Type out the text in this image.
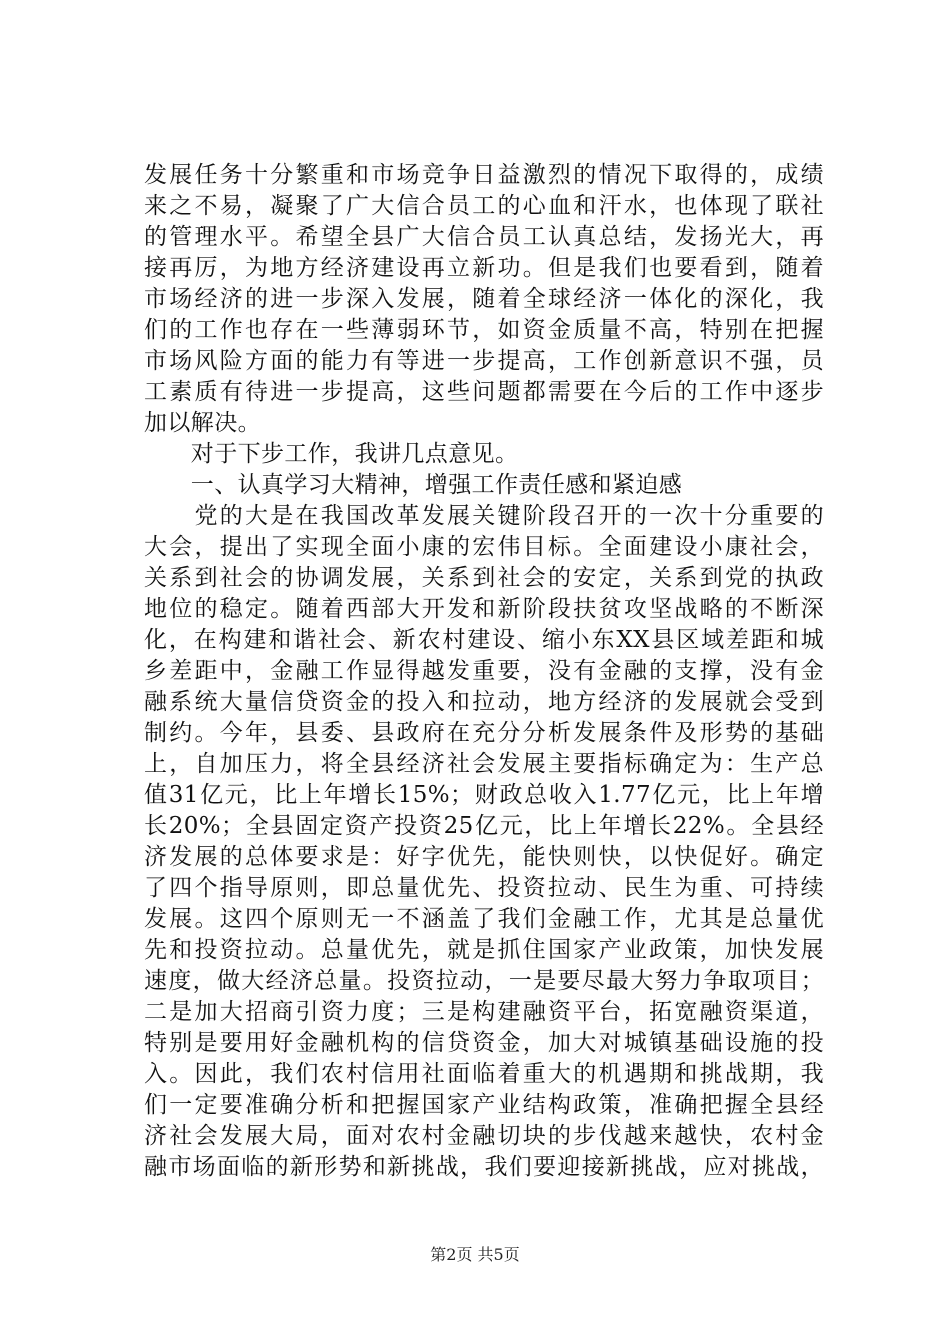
发展任务十分繁重和市场竞争日益激烈的情况下取得的，成绩
来之不易，凝聚了广大信合员工的心血和汗水，也体现了联社
的管理水平。希望全县广大信合员工认真总结，发扬光大，再
接再厉，为地方经济建设再立新功。但是我们也要看到，随着
市场经济的进一步深入发展，随着全球经济一体化的深化，我
们的工作也存在一些薄弱环节，如资金质量不高，特别在把握
市场风险方面的能力有等进一步提高，工作创新意识不强，员
工素质有待进一步提高，这些问题都需要在今后的工作中逐步
加以解决。
　　对于下步工作，我讲几点意见。
　　一、认真学习大精神，增强工作责任感和紧迫感
　　党的大是在我国改革发展关键阶段召开的一次十分重要的
大会，提出了实现全面小康的宏伟目标。全面建设小康社会，
关系到社会的协调发展，关系到社会的安定，关系到党的执政
地位的稳定。随着西部大开发和新阶段扶贫攻坚战略的不断深
化，在构建和谐社会、新农村建设、缩小东XX县区域差距和城
乡差距中，金融工作显得越发重要，没有金融的支撑，没有金
融系统大量信贷资金的投入和拉动，地方经济的发展就会受到
制约。今年，县委、县政府在充分分析发展条件及形势的基础
上，自加压力，将全县经济社会发展主要指标确定为：生产总
值31亿元，比上年增长15%；财政总收入1.77亿元，比上年增
长20%；全县固定资产投资25亿元，比上年增长22%。全县经
济发展的总体要求是：好字优先，能快则快，以快促好。确定
了四个指导原则，即总量优先、投资拉动、民生为重、可持续
发展。这四个原则无一不涵盖了我们金融工作，尤其是总量优
先和投资拉动。总量优先，就是抓住国家产业政策，加快发展
速度，做大经济总量。投资拉动，一是要尽最大努力争取项目；
二是加大招商引资力度；三是构建融资平台，拓宽融资渠道，
特别是要用好金融机构的信贷资金，加大对城镇基础设施的投
入。因此，我们农村信用社面临着重大的机遇期和挑战期，我
们一定要准确分析和把握国家产业结构政策，准确把握全县经
济社会发展大局，面对农村金融切块的步伐越来越快，农村金
融市场面临的新形势和新挑战，我们要迎接新挑战，应对挑战，
第2页 共5页
